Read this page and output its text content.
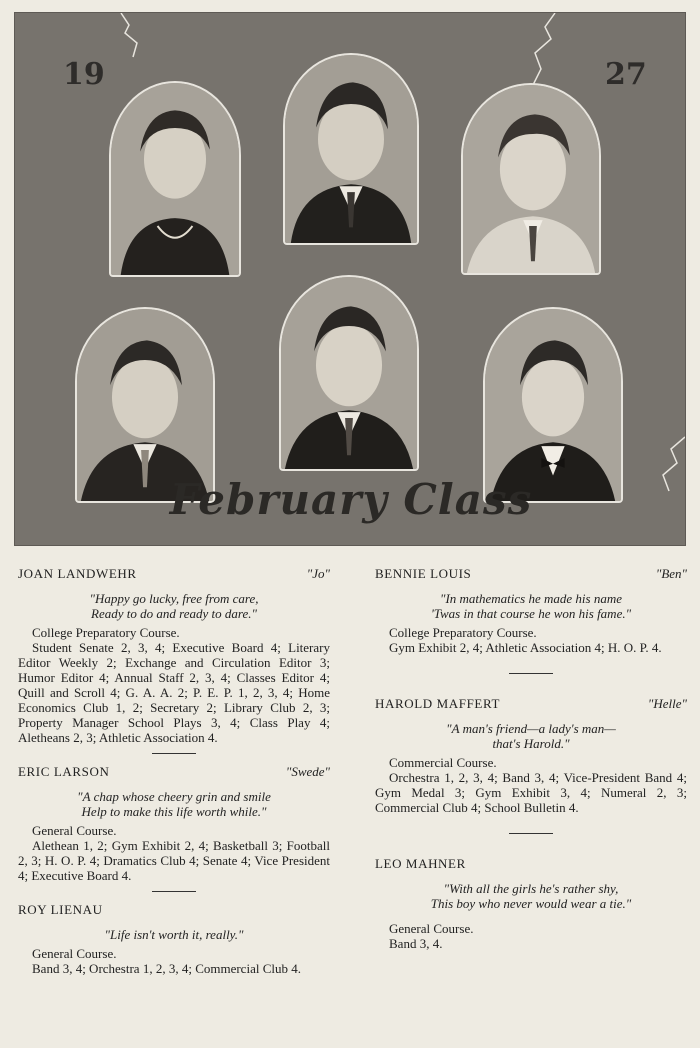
19	27
February Class
JOAN LANDWEHR	"Jo"
"Happy go lucky, free from care,
Ready to do and ready to dare."
College Preparatory Course.
Student Senate 2, 3, 4; Executive Board 4; Literary Editor Weekly 2; Exchange and Circulation Editor 3; Humor Editor 4; Annual Staff 2, 3, 4; Classes Editor 4; Quill and Scroll 4; G. A. A. 2; P. E. P. 1, 2, 3, 4; Home Economics Club 1, 2; Secretary 2; Library Club 2, 3; Property Manager School Plays 3, 4; Class Play 4; Aletheans 2, 3; Athletic Association 4.
ERIC LARSON	"Swede"
"A chap whose cheery grin and smile
Help to make this life worth while."
General Course.
Alethean 1, 2; Gym Exhibit 2, 4; Basketball 3; Football 2, 3; H. O. P. 4; Dramatics Club 4; Senate 4; Vice President 4; Executive Board 4.
ROY LIENAU
"Life isn't worth it, really."
General Course.
Band 3, 4; Orchestra 1, 2, 3, 4; Commercial Club 4.
BENNIE LOUIS	"Ben"
"In mathematics he made his name
'Twas in that course he won his fame."
College Preparatory Course.
Gym Exhibit 2, 4; Athletic Association 4; H. O. P. 4.
HAROLD MAFFERT	"Helle"
"A man's friend—a lady's man—
that's Harold."
Commercial Course.
Orchestra 1, 2, 3, 4; Band 3, 4; Vice-President Band 4; Gym Medal 3; Gym Exhibit 3, 4; Numeral 2, 3; Commercial Club 4; School Bulletin 4.
LEO MAHNER
"With all the girls he's rather shy,
This boy who never would wear a tie."
General Course.
Band 3, 4.
